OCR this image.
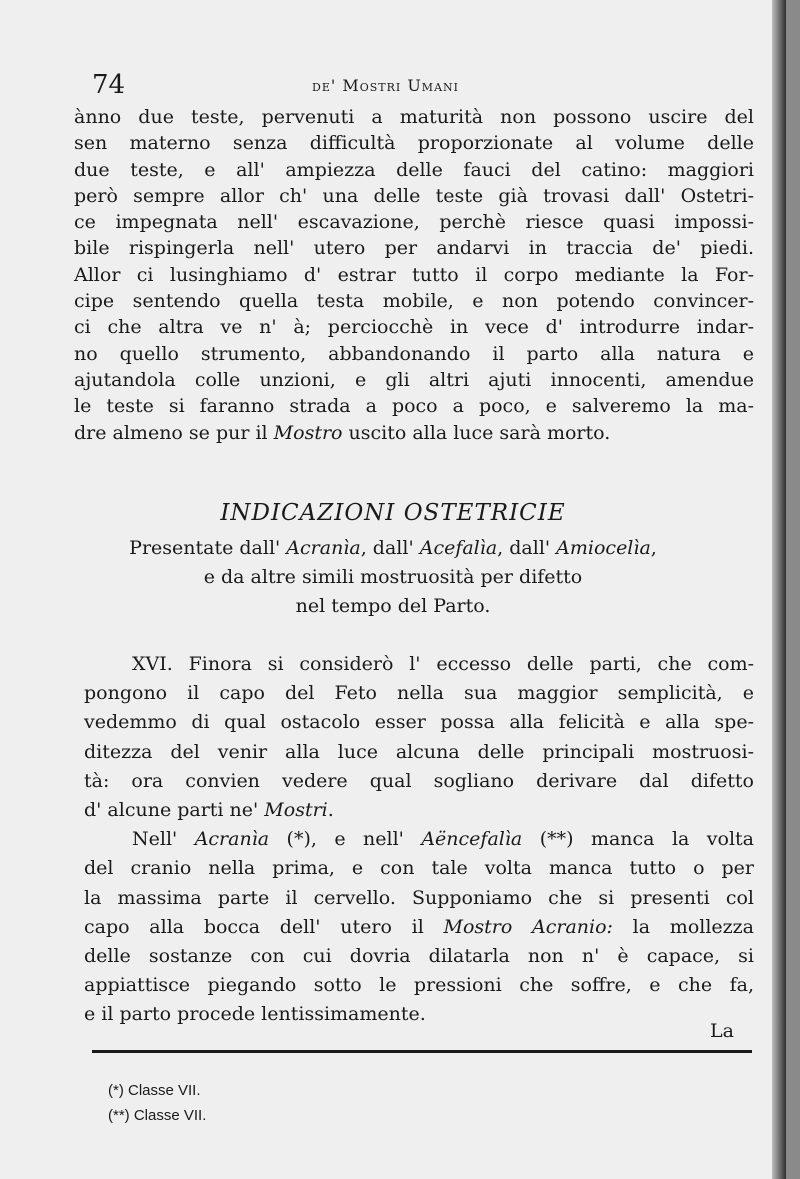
74	de' Mostri Umani
ànno due teste, pervenuti a maturità non possono uscire del
sen materno senza difficultà proporzionate al volume delle
due teste, e all' ampiezza delle fauci del catino: maggiori
però sempre allor ch' una delle teste già trovasi dall' Ostetri-
ce impegnata nell' escavazione, perchè riesce quasi impossi-
bile rispingerla nell' utero per andarvi in traccia de' piedi.
Allor ci lusinghiamo d' estrar tutto il corpo mediante la For-
cipe sentendo quella testa mobile, e non potendo convincer-
ci che altra ve n' à; perciocchè in vece d' introdurre indar-
no quello strumento, abbandonando il parto alla natura e
ajutandola colle unzioni, e gli altri ajuti innocenti, amendue
le teste si faranno strada a poco a poco, e salveremo la ma-
dre almeno se pur il Mostro uscito alla luce sarà morto.
INDICAZIONI OSTETRICIE
Presentate dall' Acranìa, dall' Acefalìa, dall' Amiocelìa,
e da altre simili mostruosità per difetto
nel tempo del Parto.
XVI. Finora si considerò l' eccesso delle parti, che com-
pongono il capo del Feto nella sua maggior semplicità, e
vedemmo di qual ostacolo esser possa alla felicità e alla spe-
ditezza del venir alla luce alcuna delle principali mostruosi-
tà: ora convien vedere qual sogliano derivare dal difetto
d' alcune parti ne' Mostri.
Nell' Acranìa (*), e nell' Aëncefalìa (**) manca la volta
del cranio nella prima, e con tale volta manca tutto o per
la massima parte il cervello. Supponiamo che si presenti col
capo alla bocca dell' utero il Mostro Acranio: la mollezza
delle sostanze con cui dovria dilatarla non n' è capace, si
appiattisce piegando sotto le pressioni che soffre, e che fa,
e il parto procede lentissimamente.
La
(*) Classe VII.
(**) Classe VII.
